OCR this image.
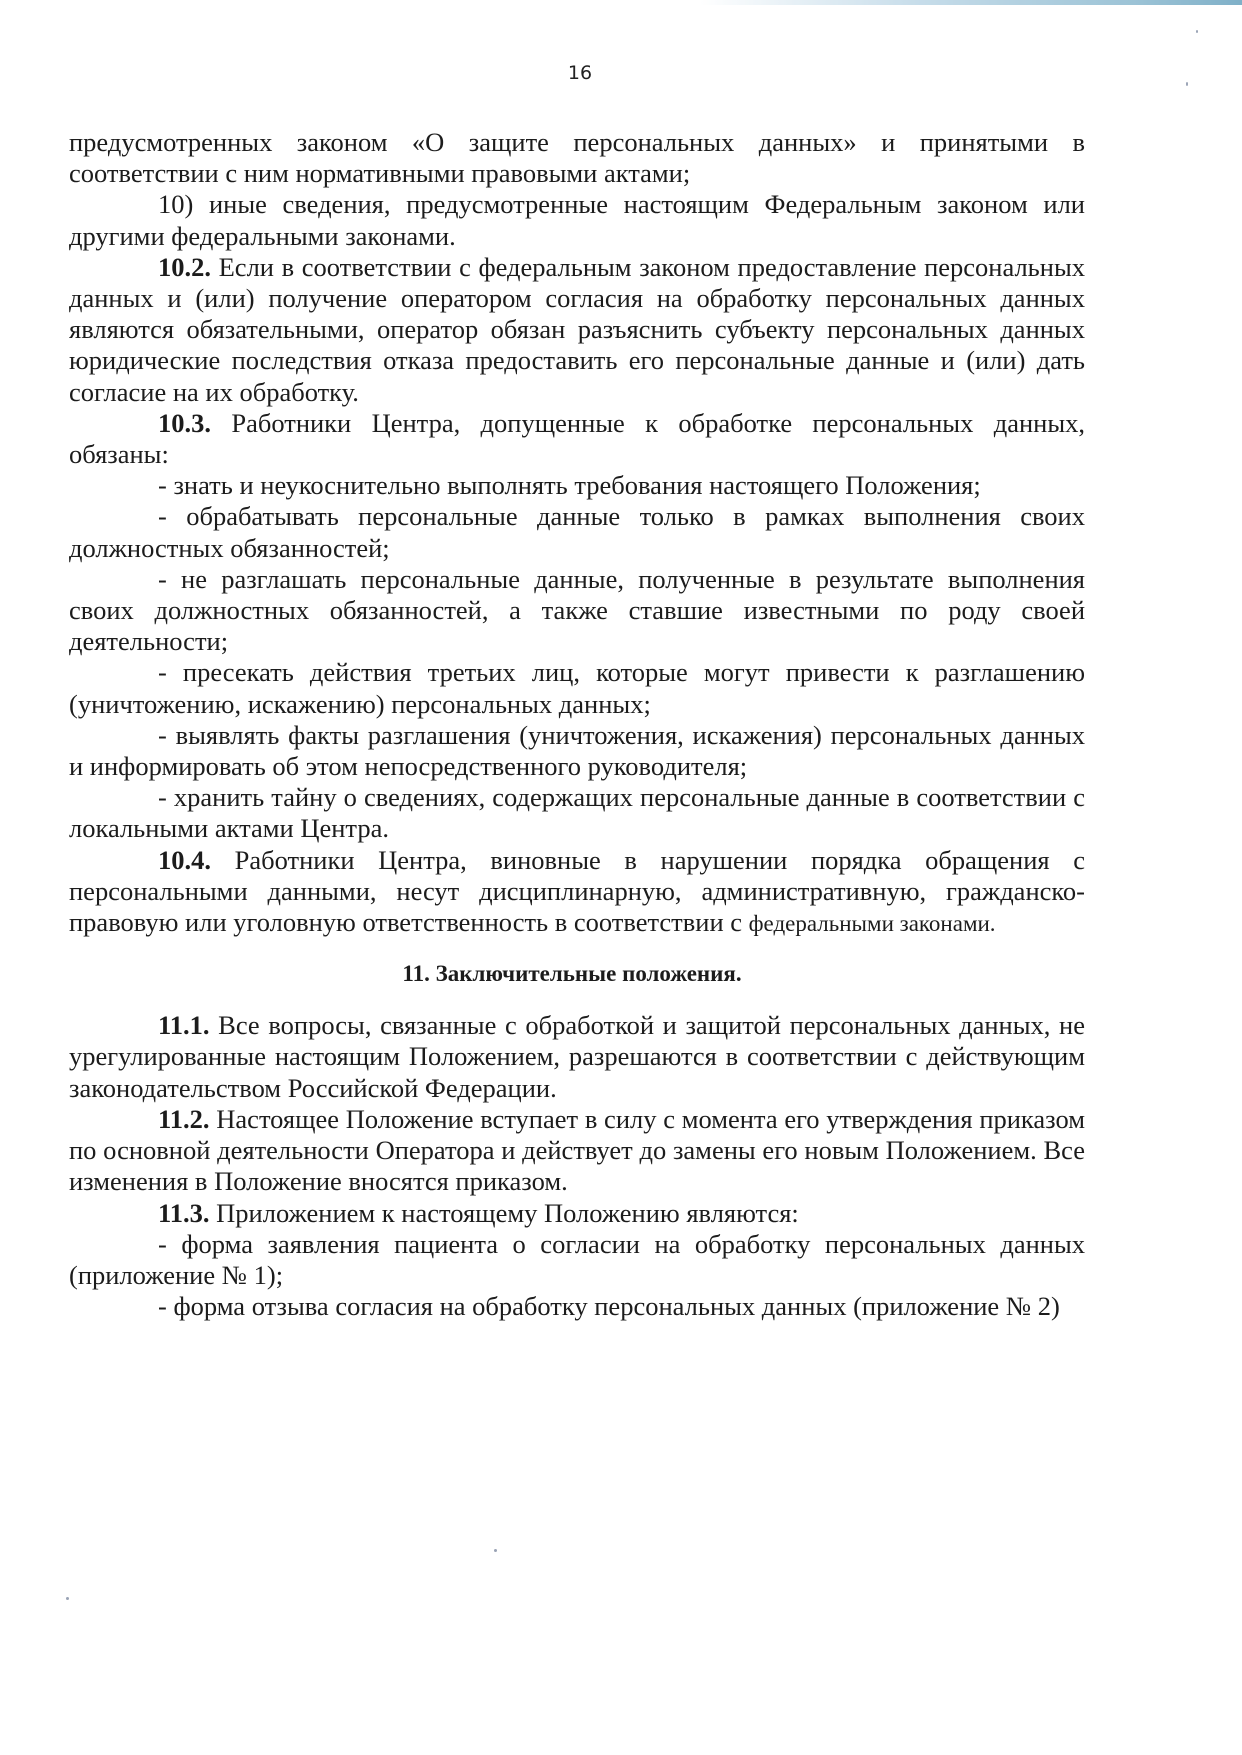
16

предусмотренных законом «О защите персональных данных» и принятыми в соответствии с ним нормативными правовыми актами;

10) иные сведения, предусмотренные настоящим Федеральным законом или другими федеральными законами.

10.2. Если в соответствии с федеральным законом предоставление персональных данных и (или) получение оператором согласия на обработку персональных данных являются обязательными, оператор обязан разъяснить субъекту персональных данных юридические последствия отказа предоставить его персональные данные и (или) дать согласие на их обработку.

10.3. Работники Центра, допущенные к обработке персональных данных, обязаны:

- знать и неукоснительно выполнять требования настоящего Положения;

- обрабатывать персональные данные только в рамках выполнения своих должностных обязанностей;

- не разглашать персональные данные, полученные в результате выполнения своих должностных обязанностей, а также ставшие известными по роду своей деятельности;

- пресекать действия третьих лиц, которые могут привести к разглашению (уничтожению, искажению) персональных данных;

- выявлять факты разглашения (уничтожения, искажения) персональных данных и информировать об этом непосредственного руководителя;

- хранить тайну о сведениях, содержащих персональные данные в соответствии с локальными актами Центра.

10.4. Работники Центра, виновные в нарушении порядка обращения с персональными данными, несут дисциплинарную, административную, гражданско-правовую или уголовную ответственность в соответствии с федеральными законами.

11. Заключительные положения.

11.1. Все вопросы, связанные с обработкой и защитой персональных данных, не урегулированные настоящим Положением, разрешаются в соответствии с действующим законодательством Российской Федерации.

11.2. Настоящее Положение вступает в силу с момента его утверждения приказом по основной деятельности Оператора и действует до замены его новым Положением. Все изменения в Положение вносятся приказом.

11.3. Приложением к настоящему Положению являются:

- форма заявления пациента о согласии на обработку персональных данных (приложение № 1);

- форма отзыва согласия на обработку персональных данных (приложение № 2)
